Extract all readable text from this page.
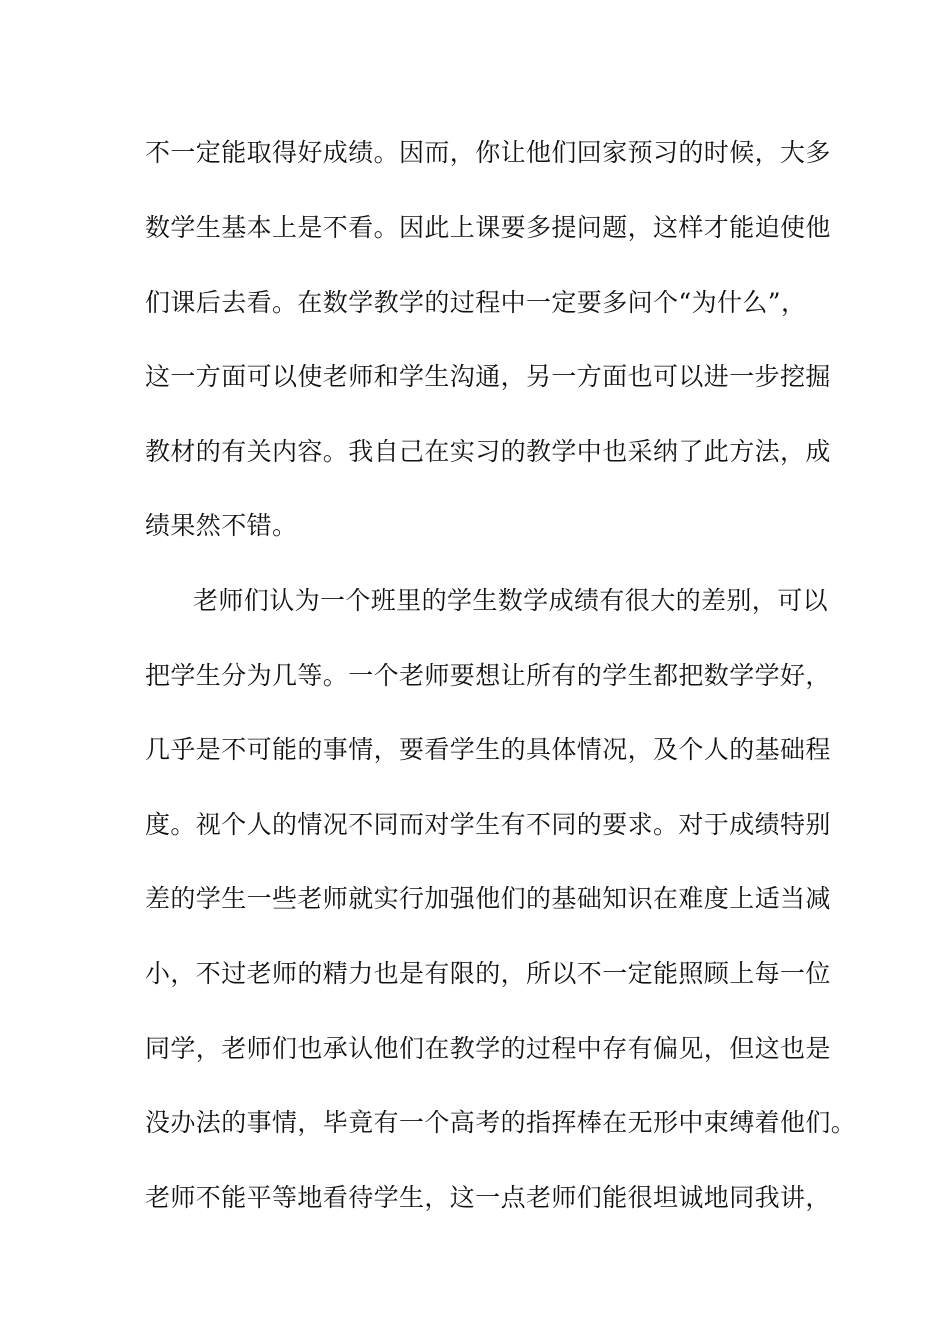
不一定能取得好成绩。因而，你让他们回家预习的时候，大多
数学生基本上是不看。因此上课要多提问题，这样才能迫使他
们课后去看。在数学教学的过程中一定要多问个“为什么”，
这一方面可以使老师和学生沟通，另一方面也可以进一步挖掘
教材的有关内容。我自己在实习的教学中也采纳了此方法，成
绩果然不错。
老师们认为一个班里的学生数学成绩有很大的差别，可以
把学生分为几等。一个老师要想让所有的学生都把数学学好，
几乎是不可能的事情，要看学生的具体情况，及个人的基础程
度。视个人的情况不同而对学生有不同的要求。对于成绩特别
差的学生一些老师就实行加强他们的基础知识在难度上适当减
小，不过老师的精力也是有限的，所以不一定能照顾上每一位
同学，老师们也承认他们在教学的过程中存有偏见，但这也是
没办法的事情，毕竟有一个高考的指挥棒在无形中束缚着他们。
老师不能平等地看待学生，这一点老师们能很坦诚地同我讲，
